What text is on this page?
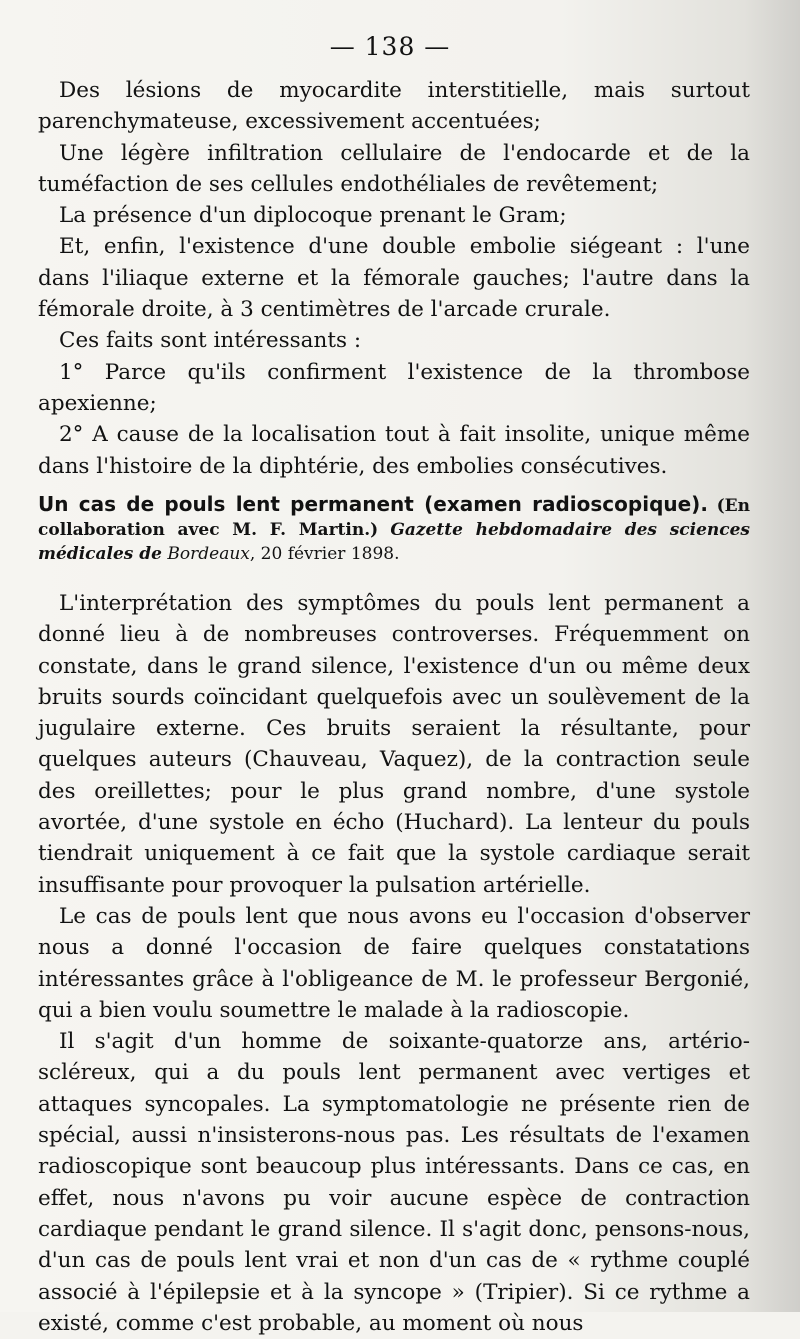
— 138 —

Des lésions de myocardite interstitielle, mais surtout parenchymateuse, excessivement accentuées;

Une légère infiltration cellulaire de l'endocarde et de la tuméfaction de ses cellules endothéliales de revêtement;

La présence d'un diplocoque prenant le Gram;

Et, enfin, l'existence d'une double embolie siégeant : l'une dans l'iliaque externe et la fémorale gauches; l'autre dans la fémorale droite, à 3 centimètres de l'arcade crurale.

Ces faits sont intéressants :

1° Parce qu'ils confirment l'existence de la thrombose apexienne;

2° A cause de la localisation tout à fait insolite, unique même dans l'histoire de la diphtérie, des embolies consécutives.

Un cas de pouls lent permanent (examen radioscopique). (En collaboration avec M. F. Martin.) Gazette hebdomadaire des sciences médicales de Bordeaux, 20 février 1898.

L'interprétation des symptômes du pouls lent permanent a donné lieu à de nombreuses controverses. Fréquemment on constate, dans le grand silence, l'existence d'un ou même deux bruits sourds coïncidant quelquefois avec un soulèvement de la jugulaire externe. Ces bruits seraient la résultante, pour quelques auteurs (Chauveau, Vaquez), de la contraction seule des oreillettes; pour le plus grand nombre, d'une systole avortée, d'une systole en écho (Huchard). La lenteur du pouls tiendrait uniquement à ce fait que la systole cardiaque serait insuffisante pour provoquer la pulsation artérielle.

Le cas de pouls lent que nous avons eu l'occasion d'observer nous a donné l'occasion de faire quelques constatations intéressantes grâce à l'obligeance de M. le professeur Bergonié, qui a bien voulu soumettre le malade à la radioscopie.

Il s'agit d'un homme de soixante-quatorze ans, artério-scléreux, qui a du pouls lent permanent avec vertiges et attaques syncopales. La symptomatologie ne présente rien de spécial, aussi n'insisterons-nous pas. Les résultats de l'examen radioscopique sont beaucoup plus intéressants. Dans ce cas, en effet, nous n'avons pu voir aucune espèce de contraction cardiaque pendant le grand silence. Il s'agit donc, pensons-nous, d'un cas de pouls lent vrai et non d'un cas de « rythme couplé associé à l'épilepsie et à la syncope » (Tripier). Si ce rythme a existé, comme c'est probable, au moment où nous
